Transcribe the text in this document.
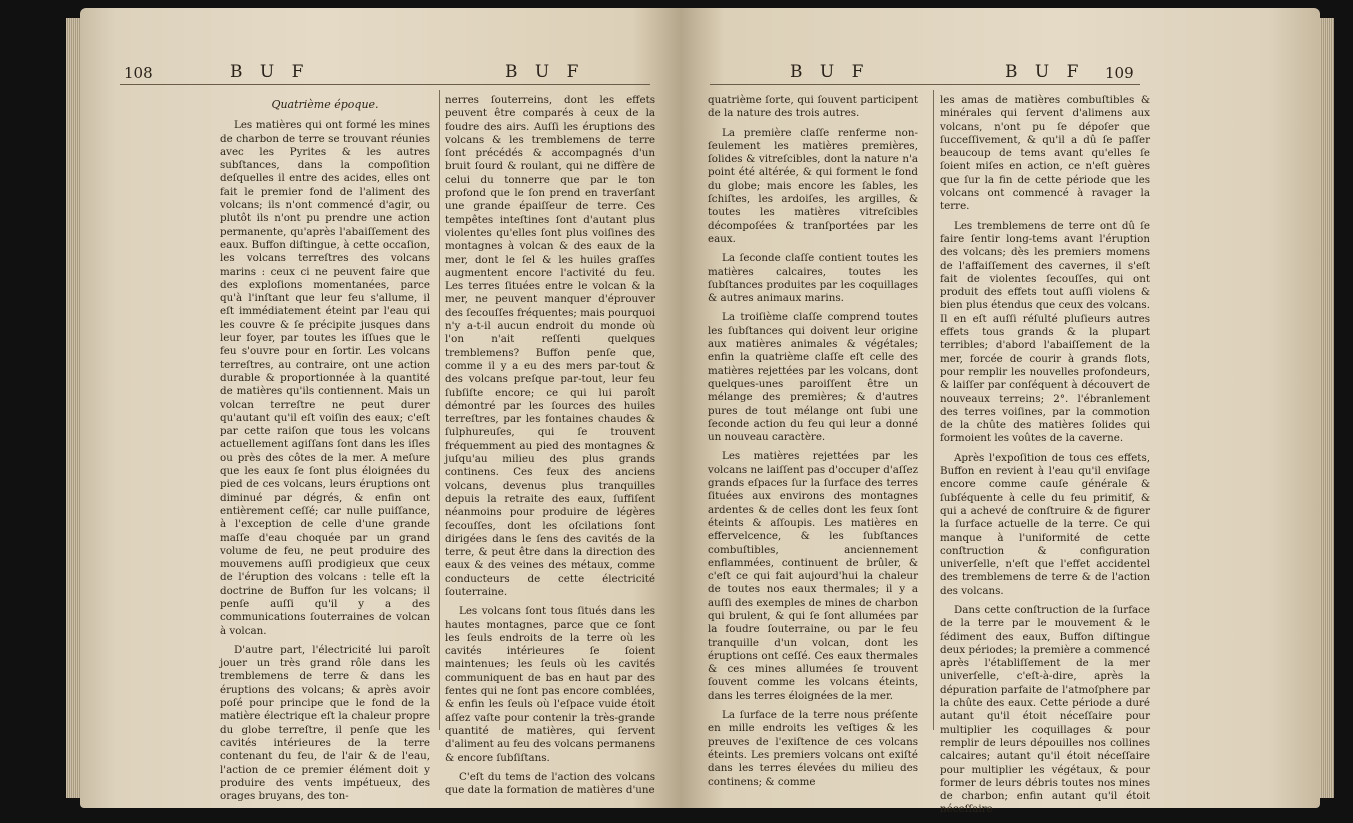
108	B U F	B U F
Quatrième époque.

Les matières qui ont formé les mines de charbon de terre se trouvant réunies avec les Pyrites & les autres subſtances, dans la compoſition deſquelles il entre des acides, elles ont fait le premier fond de l'aliment des volcans; ils n'ont commencé d'agir, ou plutôt ils n'ont pu prendre une action permanente, qu'après l'abaiſſement des eaux. Buffon diſtingue, à cette occaſion, les volcans terreſtres des volcans marins : ceux ci ne peuvent faire que des exploſions momentanées, parce qu'à l'inſtant que leur feu s'allume, il eſt immédiatement éteint par l'eau qui les couvre & ſe précipite jusques dans leur foyer, par toutes les iſſues que le feu s'ouvre pour en ſortir. Les volcans terreſtres, au contraire, ont une action durable & proportionnée à la quantité de matières qu'ils contiennent. Mais un volcan terreſtre ne peut durer qu'autant qu'il eſt voiſin des eaux; c'eſt par cette raiſon que tous les volcans actuellement agiſſans ſont dans les iſles ou près des côtes de la mer. A meſure que les eaux ſe ſont plus éloignées du pied de ces volcans, leurs éruptions ont diminué par dégrés, & enfin ont entièrement ceſſé; car nulle puiſſance, à l'exception de celle d'une grande maſſe d'eau choquée par un grand volume de feu, ne peut produire des mouvemens auſſi prodigieux que ceux de l'éruption des volcans : telle eſt la doctrine de Buffon ſur les volcans; il penſe auſſi qu'il y a des communications ſouterraines de volcan à volcan.

D'autre part, l'électricité lui paroît jouer un très grand rôle dans les tremblemens de terre & dans les éruptions des volcans; & après avoir poſé pour principe que le fond de la matière électrique eſt la chaleur propre du globe terreſtre, il penſe que les cavités intérieures de la terre contenant du feu, de l'air & de l'eau, l'action de ce premier élément doit y produire des vents impétueux, des orages bruyans, des ton-

nerres ſouterreins, dont les effets peuvent être comparés à ceux de la foudre des airs. Auſſi les éruptions des volcans & les tremblemens de terre ſont précédés & accompagnés d'un bruit ſourd & roulant, qui ne diffère de celui du tonnerre que par le ton profond que le ſon prend en traverſant une grande épaiſſeur de terre. Ces tempêtes inteſtines ſont d'autant plus violentes qu'elles ſont plus voiſines des montagnes à volcan & des eaux de la mer, dont le ſel & les huiles graſſes augmentent encore l'activité du feu. Les terres ſituées entre le volcan & la mer, ne peuvent manquer d'éprouver des ſecouſſes fréquentes; mais pourquoi n'y a-t-il aucun endroit du monde où l'on n'ait reſſenti quelques tremblemens? Buffon penſe que, comme il y a eu des mers par-tout & des volcans preſque par-tout, leur feu ſubſiſte encore; ce qui lui paroît démontré par les ſources des huiles terreſtres, par les fontaines chaudes & ſulphureuſes, qui ſe trouvent fréquemment au pied des montagnes & juſqu'au milieu des plus grands continens. Ces feux des anciens volcans, devenus plus tranquilles depuis la retraite des eaux, ſuffiſent néanmoins pour produire de légères ſecouſſes, dont les oſcilations ſont dirigées dans le ſens des cavités de la terre, & peut être dans la direction des eaux & des veines des métaux, comme conducteurs de cette électricité ſouterraine.

Les volcans ſont tous ſitués dans les hautes montagnes, parce que ce ſont les ſeuls endroits de la terre où les cavités intérieures ſe ſoient maintenues; les ſeuls où les cavités communiquent de bas en haut par des fentes qui ne ſont pas encore comblées, & enfin les ſeuls où l'eſpace vuide étoit aſſez vaſte pour contenir la très-grande quantité de matières, qui ſervent d'aliment au feu des volcans permanens & encore ſubſiſtans.

C'eſt du tems de l'action des volcans que date la formation de matières d'une

B U F	B U F 109

quatrième ſorte, qui ſouvent participent de la nature des trois autres.

La première claſſe renferme non-ſeulement les matières premières, ſolides & vitreſcibles, dont la nature n'a point été altérée, & qui forment le fond du globe; mais encore les ſables, les ſchiſtes, les ardoiſes, les argilles, & toutes les matières vitreſcibles décompoſées & tranſportées par les eaux.

La ſeconde claſſe contient toutes les matières calcaires, toutes les ſubſtances produites par les coquillages & autres animaux marins.

La troiſième claſſe comprend toutes les ſubſtances qui doivent leur origine aux matières animales & végétales; enfin la quatrième claſſe eſt celle des matières rejettées par les volcans, dont quelques-unes paroiſſent être un mélange des premières; & d'autres pures de tout mélange ont ſubi une ſeconde action du feu qui leur a donné un nouveau caractère.

Les matières rejettées par les volcans ne laiſſent pas d'occuper d'aſſez grands eſpaces ſur la ſurface des terres ſituées aux environs des montagnes ardentes & de celles dont les feux ſont éteints & aſſoupis. Les matières en effervelcence, & les ſubſtances combuſtibles, anciennement enflammées, continuent de brûler, & c'eſt ce qui fait aujourd'hui la chaleur de toutes nos eaux thermales; il y a auſſi des exemples de mines de charbon qui brulent, & qui ſe ſont allumées par la foudre ſouterraine, ou par le feu tranquille d'un volcan, dont les éruptions ont ceſſé. Ces eaux thermales & ces mines allumées ſe trouvent ſouvent comme les volcans éteints, dans les terres éloignées de la mer.

La ſurface de la terre nous préſente en mille endroits les veſtiges & les preuves de l'exiſtence de ces volcans éteints. Les premiers volcans ont exiſté dans les terres élevées du milieu des continens; & comme

les amas de matières combuſtibles & minérales qui ſervent d'alimens aux volcans, n'ont pu ſe dépoſer que ſucceſſivement, & qu'il a dû ſe paſſer beaucoup de tems avant qu'elles ſe ſoient miſes en action, ce n'eſt guères que ſur la fin de cette période que les volcans ont commencé à ravager la terre.

Les tremblemens de terre ont dû ſe faire ſentir long-tems avant l'éruption des volcans; dès les premiers momens de l'affaiſſement des cavernes, il s'eſt fait de violentes ſecouſſes, qui ont produit des effets tout auſſi violens & bien plus étendus que ceux des volcans. Il en eſt auſſi réſulté pluſieurs autres effets tous grands & la plupart terribles; d'abord l'abaiſſement de la mer, forcée de courir à grands flots, pour remplir les nouvelles profondeurs, & laiſſer par conſéquent à découvert de nouveaux terreins; 2°. l'ébranlement des terres voiſines, par la commotion de la chûte des matières ſolides qui formoient les voûtes de la caverne.

Après l'expoſition de tous ces effets, Buffon en revient à l'eau qu'il enviſage encore comme cauſe générale & ſubſéquente à celle du feu primitif, & qui a achevé de conſtruire & de figurer la ſurface actuelle de la terre. Ce qui manque à l'uniformité de cette conſtruction & configuration univerſelle, n'eſt que l'effet accidentel des tremblemens de terre & de l'action des volcans.

Dans cette conſtruction de la ſurface de la terre par le mouvement & le ſédiment des eaux, Buffon diſtingue deux périodes; la première a commencé après l'établiſſement de la mer univerſelle, c'eſt-à-dire, après la dépuration parfaite de l'atmoſphere par la chûte des eaux. Cette période a duré autant qu'il étoit néceſſaire pour multiplier les coquillages & pour remplir de leurs dépouilles nos collines calcaires; autant qu'il étoit néceſſaire pour multiplier les végétaux, & pour former de leurs débris toutes nos mines de charbon; enfin autant qu'il étoit néceſſaire
